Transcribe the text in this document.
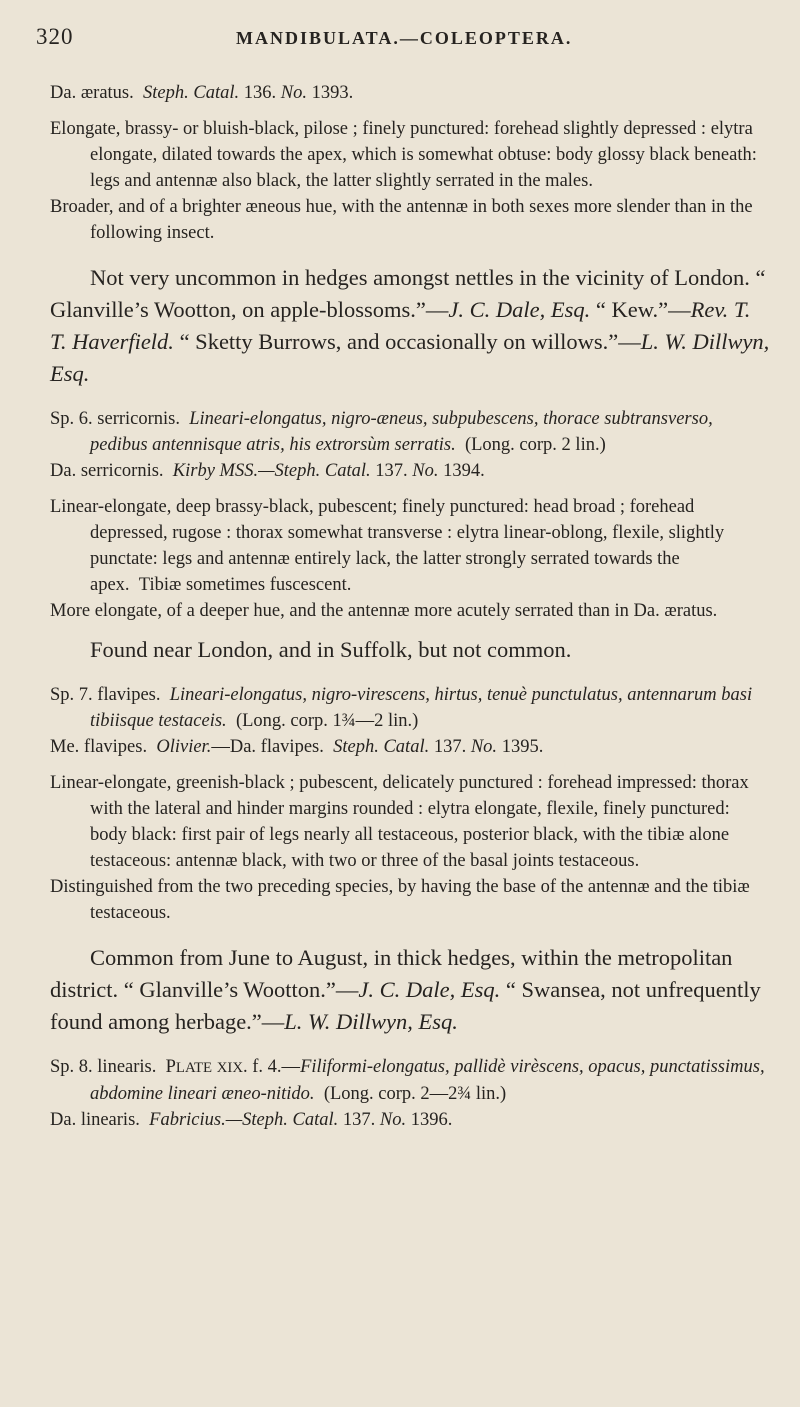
320	MANDIBULATA.—COLEOPTERA.

Da. æratus.  Steph. Catal. 136. No. 1393.

Elongate, brassy- or bluish-black, pilose ; finely punctured: forehead slightly depressed : elytra elongate, dilated towards the apex, which is somewhat obtuse: body glossy black beneath: legs and antennæ also black, the latter slightly serrated in the males.

Broader, and of a brighter æneous hue, with the antennæ in both sexes more slender than in the following insect.

Not very uncommon in hedges amongst nettles in the vicinity of London. “ Glanville’s Wootton, on apple-blossoms.”—J. C. Dale, Esq. “ Kew.”—Rev. T. T. Haverfield. “ Sketty Burrows, and occasionally on willows.”—L. W. Dillwyn, Esq.

Sp. 6. serricornis.  Lineari-elongatus, nigro-æneus, subpubescens, thorace subtransverso, pedibus antennisque atris, his extrorsùm serratis.  (Long. corp. 2 lin.)

Da. serricornis.  Kirby MSS.—Steph. Catal. 137. No. 1394.

Linear-elongate, deep brassy-black, pubescent; finely punctured: head broad ; forehead depressed, rugose : thorax somewhat transverse : elytra linear-oblong, flexile, slightly punctate: legs and antennæ entirely lack, the latter strongly serrated towards the apex.  Tibiæ sometimes fuscescent.

More elongate, of a deeper hue, and the antennæ more acutely serrated than in Da. æratus.

Found near London, and in Suffolk, but not common.

Sp. 7. flavipes.  Lineari-elongatus, nigro-virescens, hirtus, tenuè punctulatus, antennarum basi tibiisque testaceis.  (Long. corp. 1¾—2 lin.)

Me. flavipes.  Olivier.—Da. flavipes.  Steph. Catal. 137. No. 1395.

Linear-elongate, greenish-black ; pubescent, delicately punctured : forehead impressed: thorax with the lateral and hinder margins rounded : elytra elongate, flexile, finely punctured: body black: first pair of legs nearly all testaceous, posterior black, with the tibiæ alone testaceous: antennæ black, with two or three of the basal joints testaceous.

Distinguished from the two preceding species, by having the base of the antennæ and the tibiæ testaceous.

Common from June to August, in thick hedges, within the metropolitan district. “ Glanville’s Wootton.”—J. C. Dale, Esq. “ Swansea, not unfrequently found among herbage.”—L. W. Dillwyn, Esq.

Sp. 8. linearis.  PLATE XIX. f. 4.—Filiformi-elongatus, pallidè virèscens, opacus, punctatissimus, abdomine lineari æneo-nitido.  (Long. corp. 2—2¾ lin.)

Da. linearis.  Fabricius.—Steph. Catal. 137. No. 1396.
